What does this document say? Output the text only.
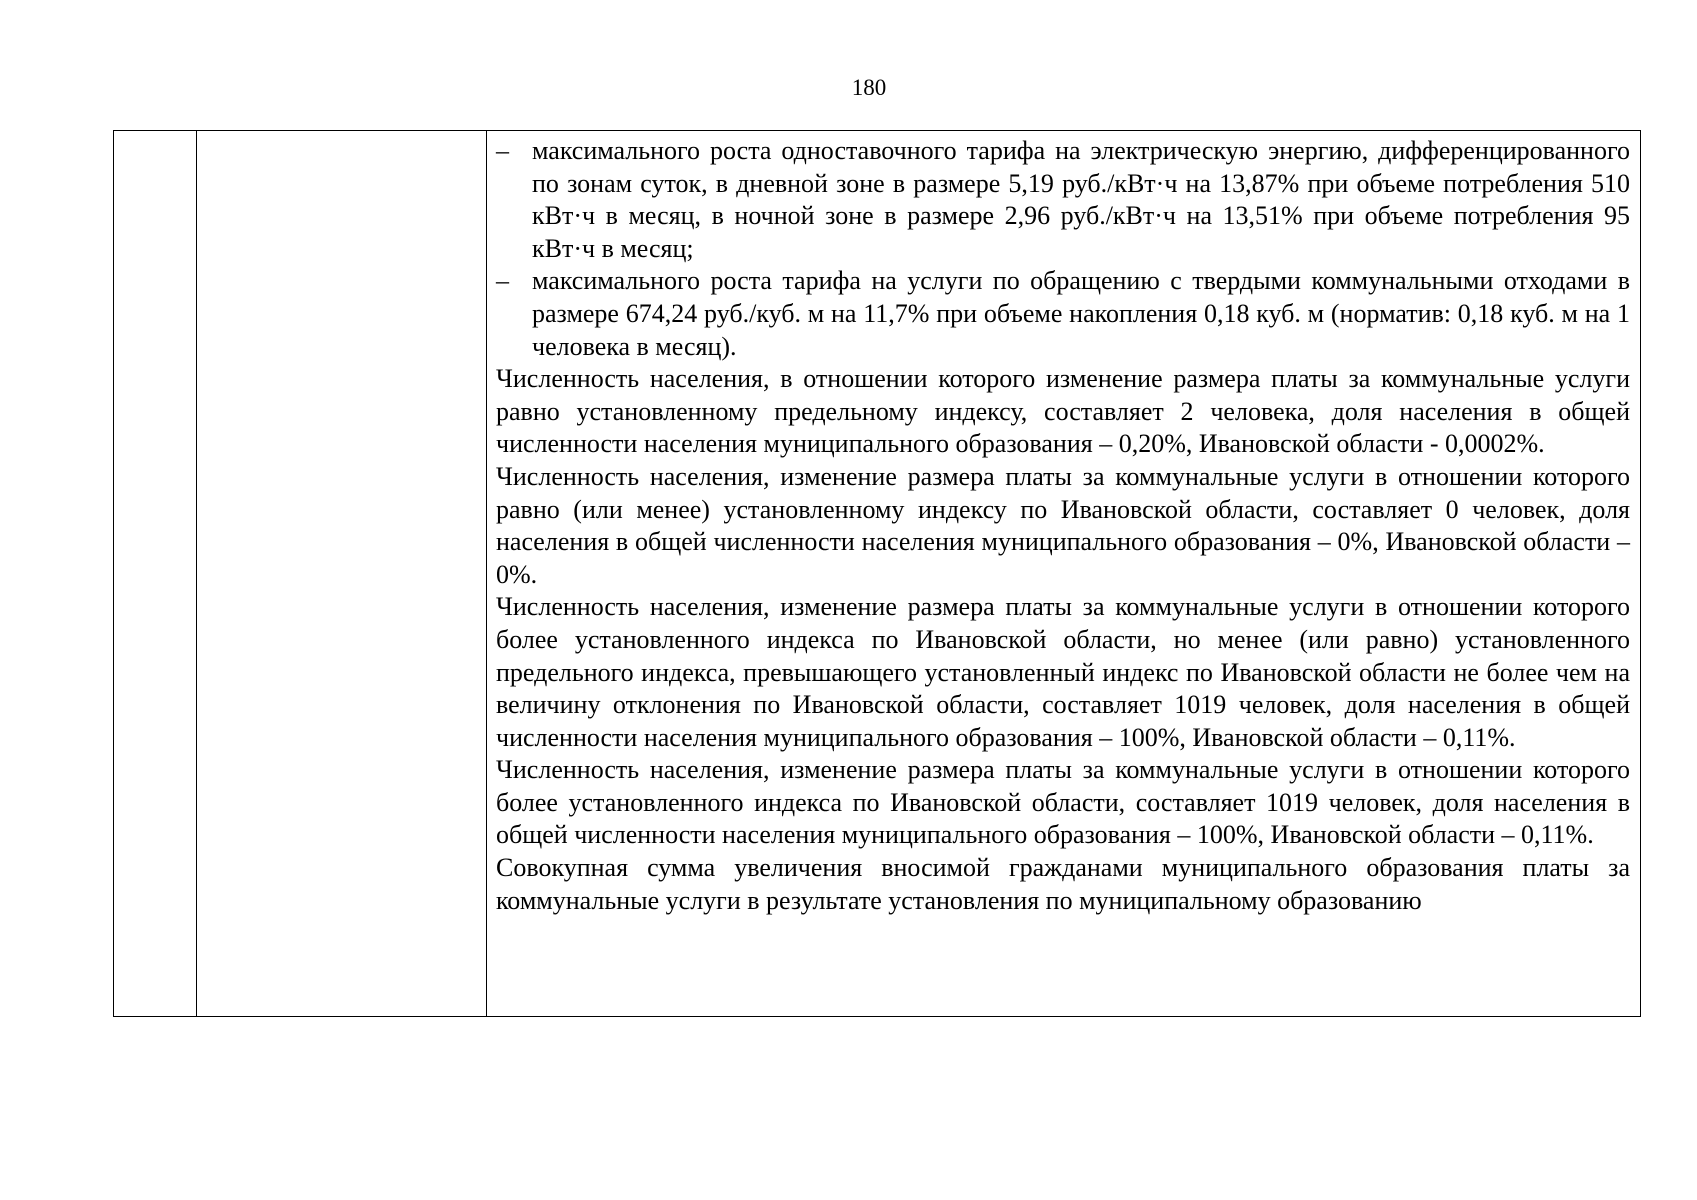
180

– максимального роста одноставочного тарифа на электрическую энергию, дифференцированного по зонам суток, в дневной зоне в размере 5,19 руб./кВт·ч на 13,87% при объеме потребления 510 кВт·ч в месяц, в ночной зоне в размере 2,96 руб./кВт·ч на 13,51% при объеме потребления 95 кВт·ч в месяц;

– максимального роста тарифа на услуги по обращению с твердыми коммунальными отходами в размере 674,24 руб./куб. м на 11,7% при объеме накопления 0,18 куб. м (норматив: 0,18 куб. м на 1 человека в месяц).

Численность населения, в отношении которого изменение размера платы за коммунальные услуги равно установленному предельному индексу, составляет 2 человека, доля населения в общей численности населения муниципального образования – 0,20%, Ивановской области - 0,0002%.

Численность населения, изменение размера платы за коммунальные услуги в отношении которого равно (или менее) установленному индексу по Ивановской области, составляет 0 человек, доля населения в общей численности населения муниципального образования – 0%, Ивановской области – 0%.

Численность населения, изменение размера платы за коммунальные услуги в отношении которого более установленного индекса по Ивановской области, но менее (или равно) установленного предельного индекса, превышающего установленный индекс по Ивановской области не более чем на величину отклонения по Ивановской области, составляет 1019 человек, доля населения в общей численности населения муниципального образования – 100%, Ивановской области – 0,11%.

Численность населения, изменение размера платы за коммунальные услуги в отношении которого более установленного индекса по Ивановской области, составляет 1019 человек, доля населения в общей численности населения муниципального образования – 100%, Ивановской области – 0,11%.

Совокупная сумма увеличения вносимой гражданами муниципального образования платы за коммунальные услуги в результате установления по муниципальному образованию
